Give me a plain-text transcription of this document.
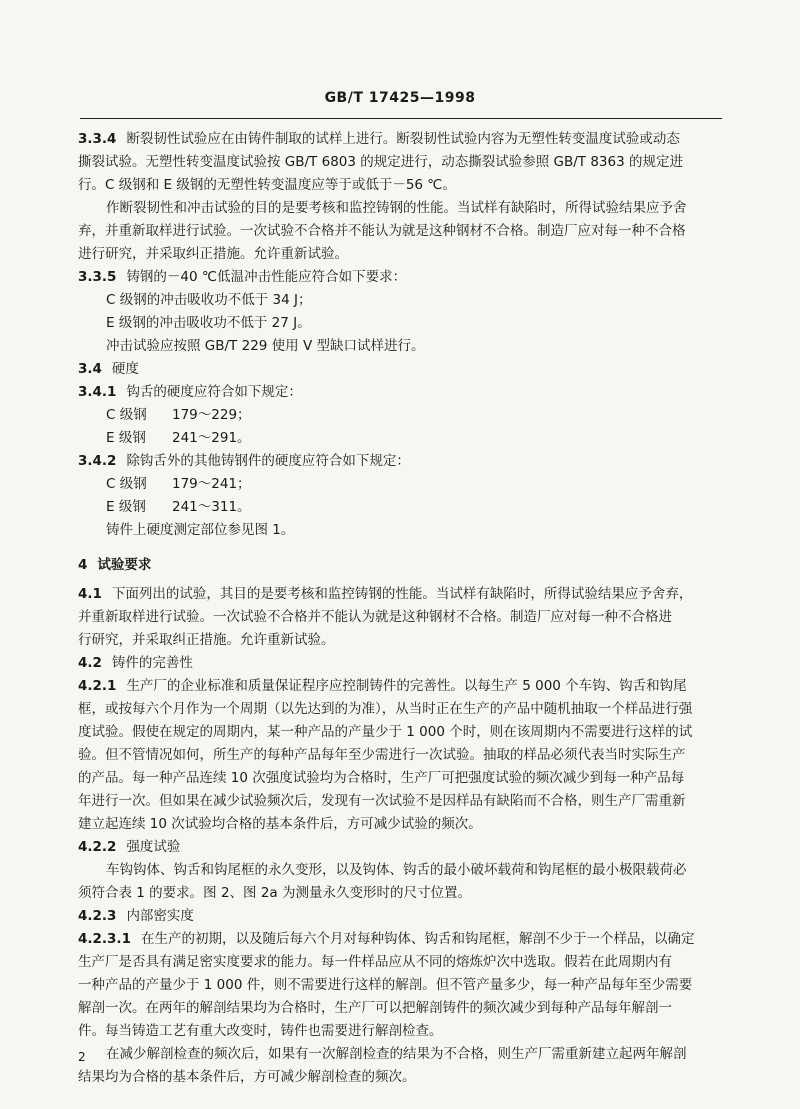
GB/T 17425—1998
3.3.4 断裂韧性试验应在由铸件制取的试样上进行。断裂韧性试验内容为无塑性转变温度试验或动态
撕裂试验。无塑性转变温度试验按 GB/T 6803 的规定进行，动态撕裂试验参照 GB/T 8363 的规定进
行。C 级钢和 E 级钢的无塑性转变温度应等于或低于－56 ℃。
作断裂韧性和冲击试验的目的是要考核和监控铸钢的性能。当试样有缺陷时，所得试验结果应予舍
弃，并重新取样进行试验。一次试验不合格并不能认为就是这种钢材不合格。制造厂应对每一种不合格
进行研究，并采取纠正措施。允许重新试验。
3.3.5 铸钢的－40 ℃低温冲击性能应符合如下要求：
C 级钢的冲击吸收功不低于 34 J；
E 级钢的冲击吸收功不低于 27 J。
冲击试验应按照 GB/T 229 使用 V 型缺口试样进行。
3.4 硬度
3.4.1 钩舌的硬度应符合如下规定：
C 级钢 179～229；
E 级钢 241～291。
3.4.2 除钩舌外的其他铸钢件的硬度应符合如下规定：
C 级钢 179～241；
E 级钢 241～311。
铸件上硬度测定部位参见图 1。
4 试验要求
4.1 下面列出的试验，其目的是要考核和监控铸钢的性能。当试样有缺陷时，所得试验结果应予舍弃，
并重新取样进行试验。一次试验不合格并不能认为就是这种钢材不合格。制造厂应对每一种不合格进
行研究，并采取纠正措施。允许重新试验。
4.2 铸件的完善性
4.2.1 生产厂的企业标准和质量保证程序应控制铸件的完善性。以每生产 5 000 个车钩、钩舌和钩尾
框，或按每六个月作为一个周期（以先达到的为准），从当时正在生产的产品中随机抽取一个样品进行强
度试验。假使在规定的周期内，某一种产品的产量少于 1 000 个时，则在该周期内不需要进行这样的试
验。但不管情况如何，所生产的每种产品每年至少需进行一次试验。抽取的样品必须代表当时实际生产
的产品。每一种产品连续 10 次强度试验均为合格时，生产厂可把强度试验的频次减少到每一种产品每
年进行一次。但如果在减少试验频次后，发现有一次试验不是因样品有缺陷而不合格，则生产厂需重新
建立起连续 10 次试验均合格的基本条件后，方可减少试验的频次。
4.2.2 强度试验
车钩钩体、钩舌和钩尾框的永久变形，以及钩体、钩舌的最小破坏载荷和钩尾框的最小极限载荷必
须符合表 1 的要求。图 2、图 2a 为测量永久变形时的尺寸位置。
4.2.3 内部密实度
4.2.3.1 在生产的初期，以及随后每六个月对每种钩体、钩舌和钩尾框，解剖不少于一个样品，以确定
生产厂是否具有满足密实度要求的能力。每一件样品应从不同的熔炼炉次中选取。假若在此周期内有
一种产品的产量少于 1 000 件，则不需要进行这样的解剖。但不管产量多少，每一种产品每年至少需要
解剖一次。在两年的解剖结果均为合格时，生产厂可以把解剖铸件的频次减少到每种产品每年解剖一
件。每当铸造工艺有重大改变时，铸件也需要进行解剖检查。
在减少解剖检查的频次后，如果有一次解剖检查的结果为不合格，则生产厂需重新建立起两年解剖
结果均为合格的基本条件后，方可减少解剖检查的频次。
2
